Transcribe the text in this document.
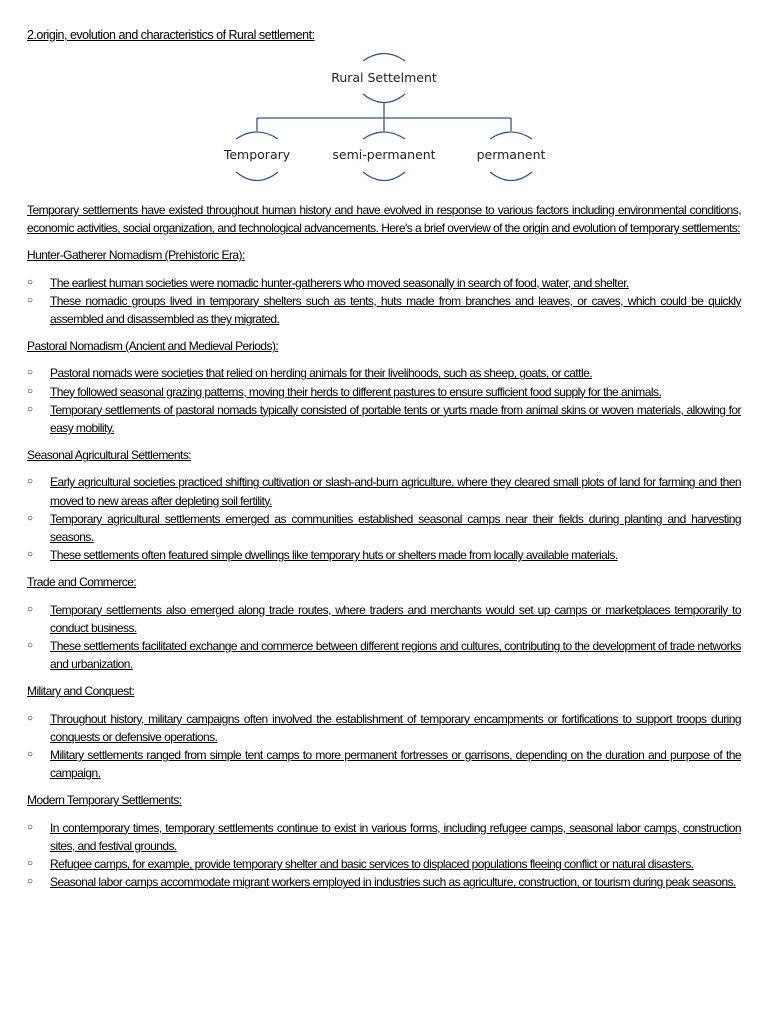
2.origin, evolution and characteristics of Rural settlement:
Rural Settelment
Temporary	semi-permanent	permanent

Temporary settlements have existed throughout human history and have evolved in response to various factors including environmental conditions, economic activities, social organization, and technological advancements. Here's a brief overview of the origin and evolution of temporary settlements:

Hunter-Gatherer Nomadism (Prehistoric Era):

○ The earliest human societies were nomadic hunter-gatherers who moved seasonally in search of food, water, and shelter.
○ These nomadic groups lived in temporary shelters such as tents, huts made from branches and leaves, or caves, which could be quickly assembled and disassembled as they migrated.

Pastoral Nomadism (Ancient and Medieval Periods):

○ Pastoral nomads were societies that relied on herding animals for their livelihoods, such as sheep, goats, or cattle.
○ They followed seasonal grazing patterns, moving their herds to different pastures to ensure sufficient food supply for the animals.
○ Temporary settlements of pastoral nomads typically consisted of portable tents or yurts made from animal skins or woven materials, allowing for easy mobility.

Seasonal Agricultural Settlements:

○ Early agricultural societies practiced shifting cultivation or slash-and-burn agriculture, where they cleared small plots of land for farming and then moved to new areas after depleting soil fertility.
○ Temporary agricultural settlements emerged as communities established seasonal camps near their fields during planting and harvesting seasons.
○ These settlements often featured simple dwellings like temporary huts or shelters made from locally available materials.

Trade and Commerce:

○ Temporary settlements also emerged along trade routes, where traders and merchants would set up camps or marketplaces temporarily to conduct business.
○ These settlements facilitated exchange and commerce between different regions and cultures, contributing to the development of trade networks and urbanization.

Military and Conquest:

○ Throughout history, military campaigns often involved the establishment of temporary encampments or fortifications to support troops during conquests or defensive operations.
○ Military settlements ranged from simple tent camps to more permanent fortresses or garrisons, depending on the duration and purpose of the campaign.

Modern Temporary Settlements:

○ In contemporary times, temporary settlements continue to exist in various forms, including refugee camps, seasonal labor camps, construction sites, and festival grounds.
○ Refugee camps, for example, provide temporary shelter and basic services to displaced populations fleeing conflict or natural disasters.
○ Seasonal labor camps accommodate migrant workers employed in industries such as agriculture, construction, or tourism during peak seasons.
